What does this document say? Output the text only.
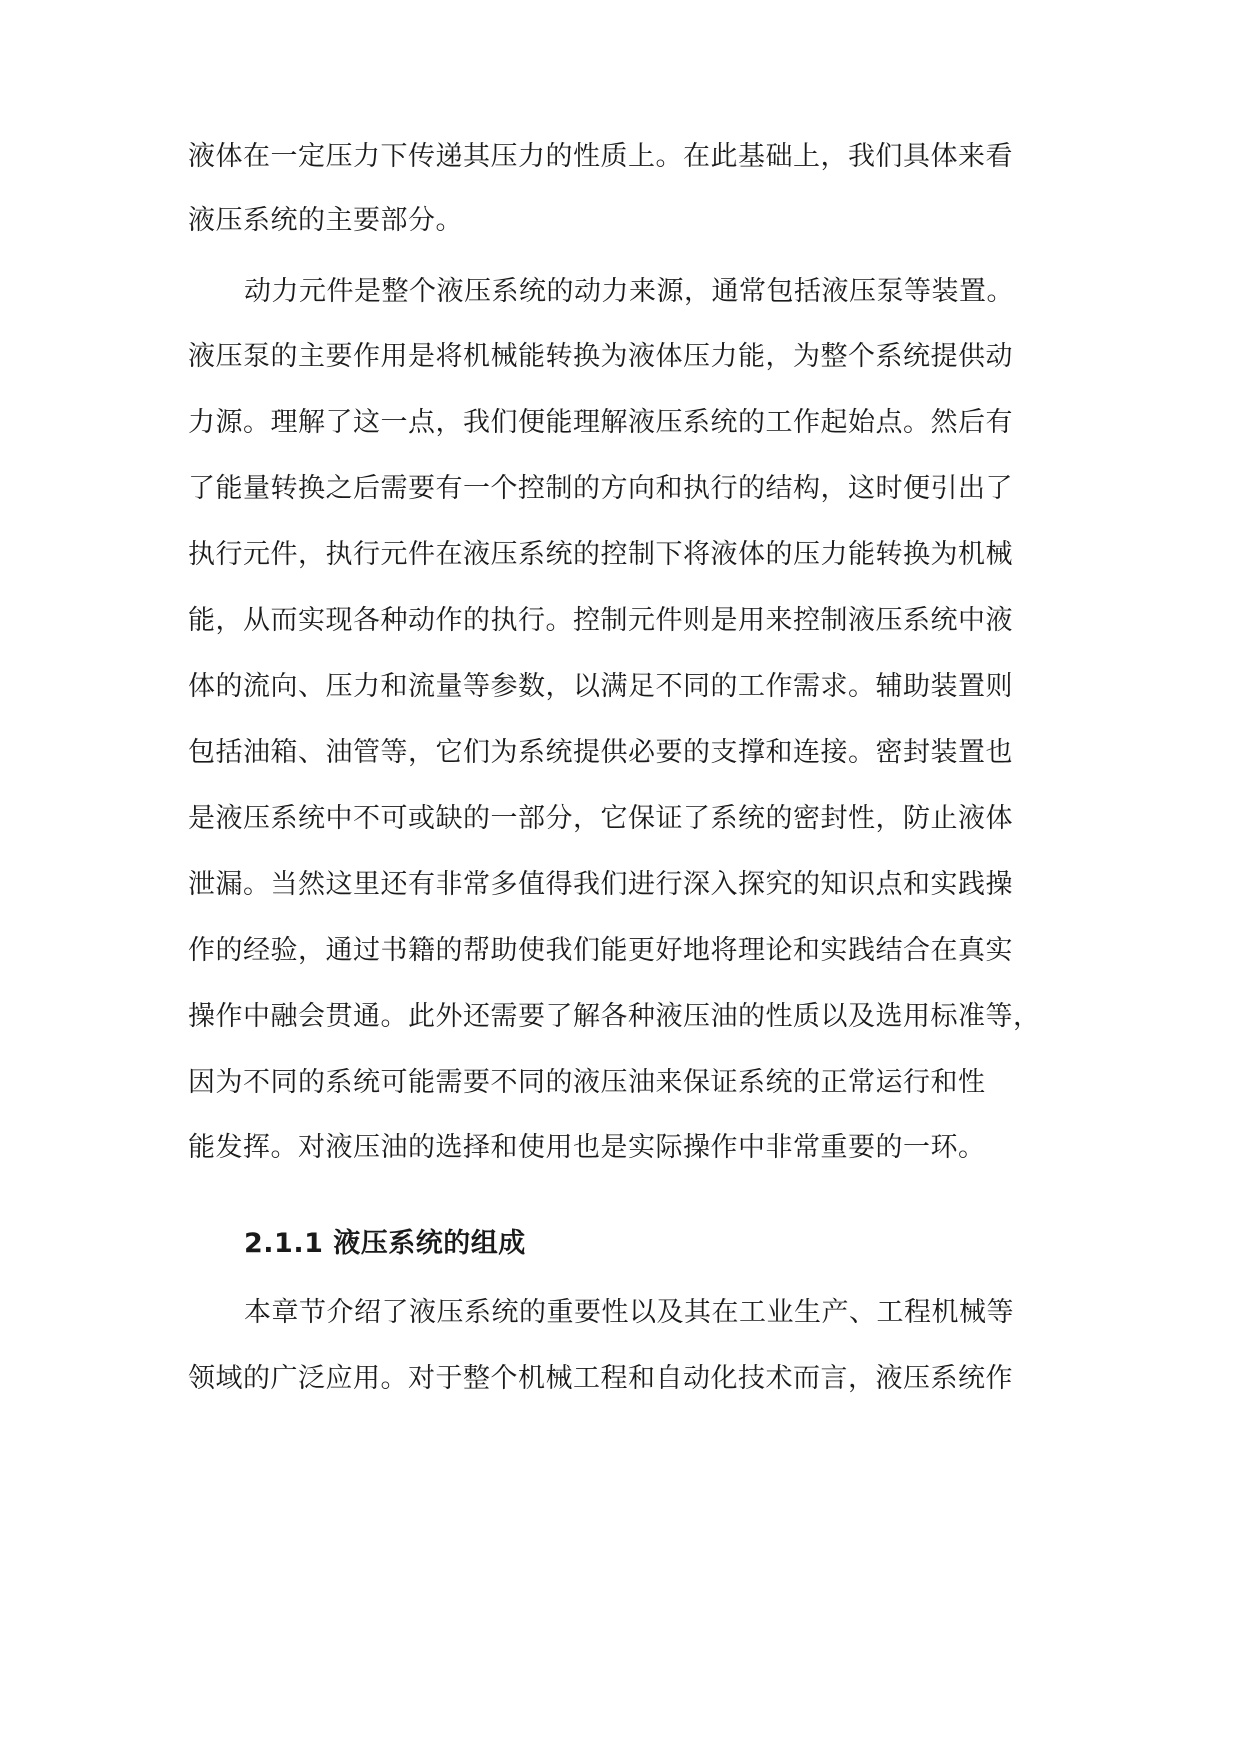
液体在一定压力下传递其压力的性质上。在此基础上，我们具体来看
液压系统的主要部分。
动力元件是整个液压系统的动力来源，通常包括液压泵等装置。
液压泵的主要作用是将机械能转换为液体压力能，为整个系统提供动
力源。理解了这一点，我们便能理解液压系统的工作起始点。然后有
了能量转换之后需要有一个控制的方向和执行的结构，这时便引出了
执行元件，执行元件在液压系统的控制下将液体的压力能转换为机械
能，从而实现各种动作的执行。控制元件则是用来控制液压系统中液
体的流向、压力和流量等参数，以满足不同的工作需求。辅助装置则
包括油箱、油管等，它们为系统提供必要的支撑和连接。密封装置也
是液压系统中不可或缺的一部分，它保证了系统的密封性，防止液体
泄漏。当然这里还有非常多值得我们进行深入探究的知识点和实践操
作的经验，通过书籍的帮助使我们能更好地将理论和实践结合在真实
操作中融会贯通。此外还需要了解各种液压油的性质以及选用标准等，
因为不同的系统可能需要不同的液压油来保证系统的正常运行和性
能发挥。对液压油的选择和使用也是实际操作中非常重要的一环。
2.1.1 液压系统的组成
本章节介绍了液压系统的重要性以及其在工业生产、工程机械等
领域的广泛应用。对于整个机械工程和自动化技术而言，液压系统作
